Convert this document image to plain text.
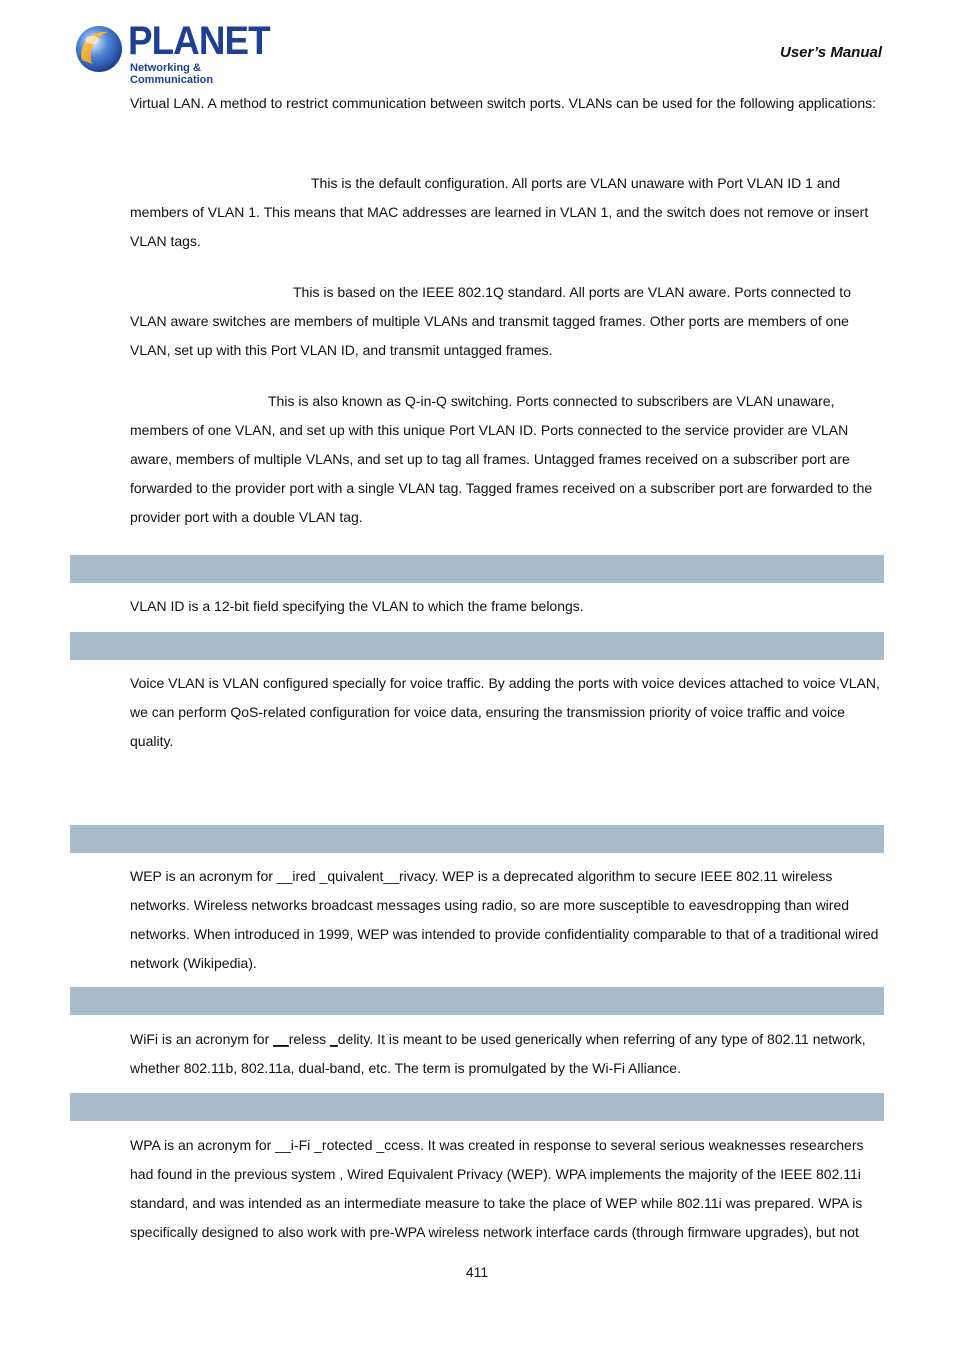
PLANET
Networking & Communication
User’s Manual

Virtual LAN. A method to restrict communication between switch ports. VLANs can be used for the following applications:

This is the default configuration. All ports are VLAN unaware with Port VLAN ID 1 and members of VLAN 1. This means that MAC addresses are learned in VLAN 1, and the switch does not remove or insert VLAN tags.

This is based on the IEEE 802.1Q standard. All ports are VLAN aware. Ports connected to VLAN aware switches are members of multiple VLANs and transmit tagged frames. Other ports are members of one VLAN, set up with this Port VLAN ID, and transmit untagged frames.

This is also known as Q-in-Q switching. Ports connected to subscribers are VLAN unaware, members of one VLAN, and set up with this unique Port VLAN ID. Ports connected to the service provider are VLAN aware, members of multiple VLANs, and set up to tag all frames. Untagged frames received on a subscriber port are forwarded to the provider port with a single VLAN tag. Tagged frames received on a subscriber port are forwarded to the provider port with a double VLAN tag.

VLAN ID is a 12-bit field specifying the VLAN to which the frame belongs.

Voice VLAN is VLAN configured specially for voice traffic. By adding the ports with voice devices attached to voice VLAN, we can perform QoS-related configuration for voice data, ensuring the transmission priority of voice traffic and voice quality.

WEP is an acronym for __ired _quivalent__rivacy. WEP is a deprecated algorithm to secure IEEE 802.11 wireless networks. Wireless networks broadcast messages using radio, so are more susceptible to eavesdropping than wired networks. When introduced in 1999, WEP was intended to provide confidentiality comparable to that of a traditional wired network (Wikipedia).

WiFi is an acronym for __reless _delity. It is meant to be used generically when referring of any type of 802.11 network, whether 802.11b, 802.11a, dual-band, etc. The term is promulgated by the Wi-Fi Alliance.

WPA is an acronym for __i-Fi _rotected _ccess. It was created in response to several serious weaknesses researchers had found in the previous system , Wired Equivalent Privacy (WEP). WPA implements the majority of the IEEE 802.11i standard, and was intended as an intermediate measure to take the place of WEP while 802.11i was prepared. WPA is specifically designed to also work with pre-WPA wireless network interface cards (through firmware upgrades), but not

411
